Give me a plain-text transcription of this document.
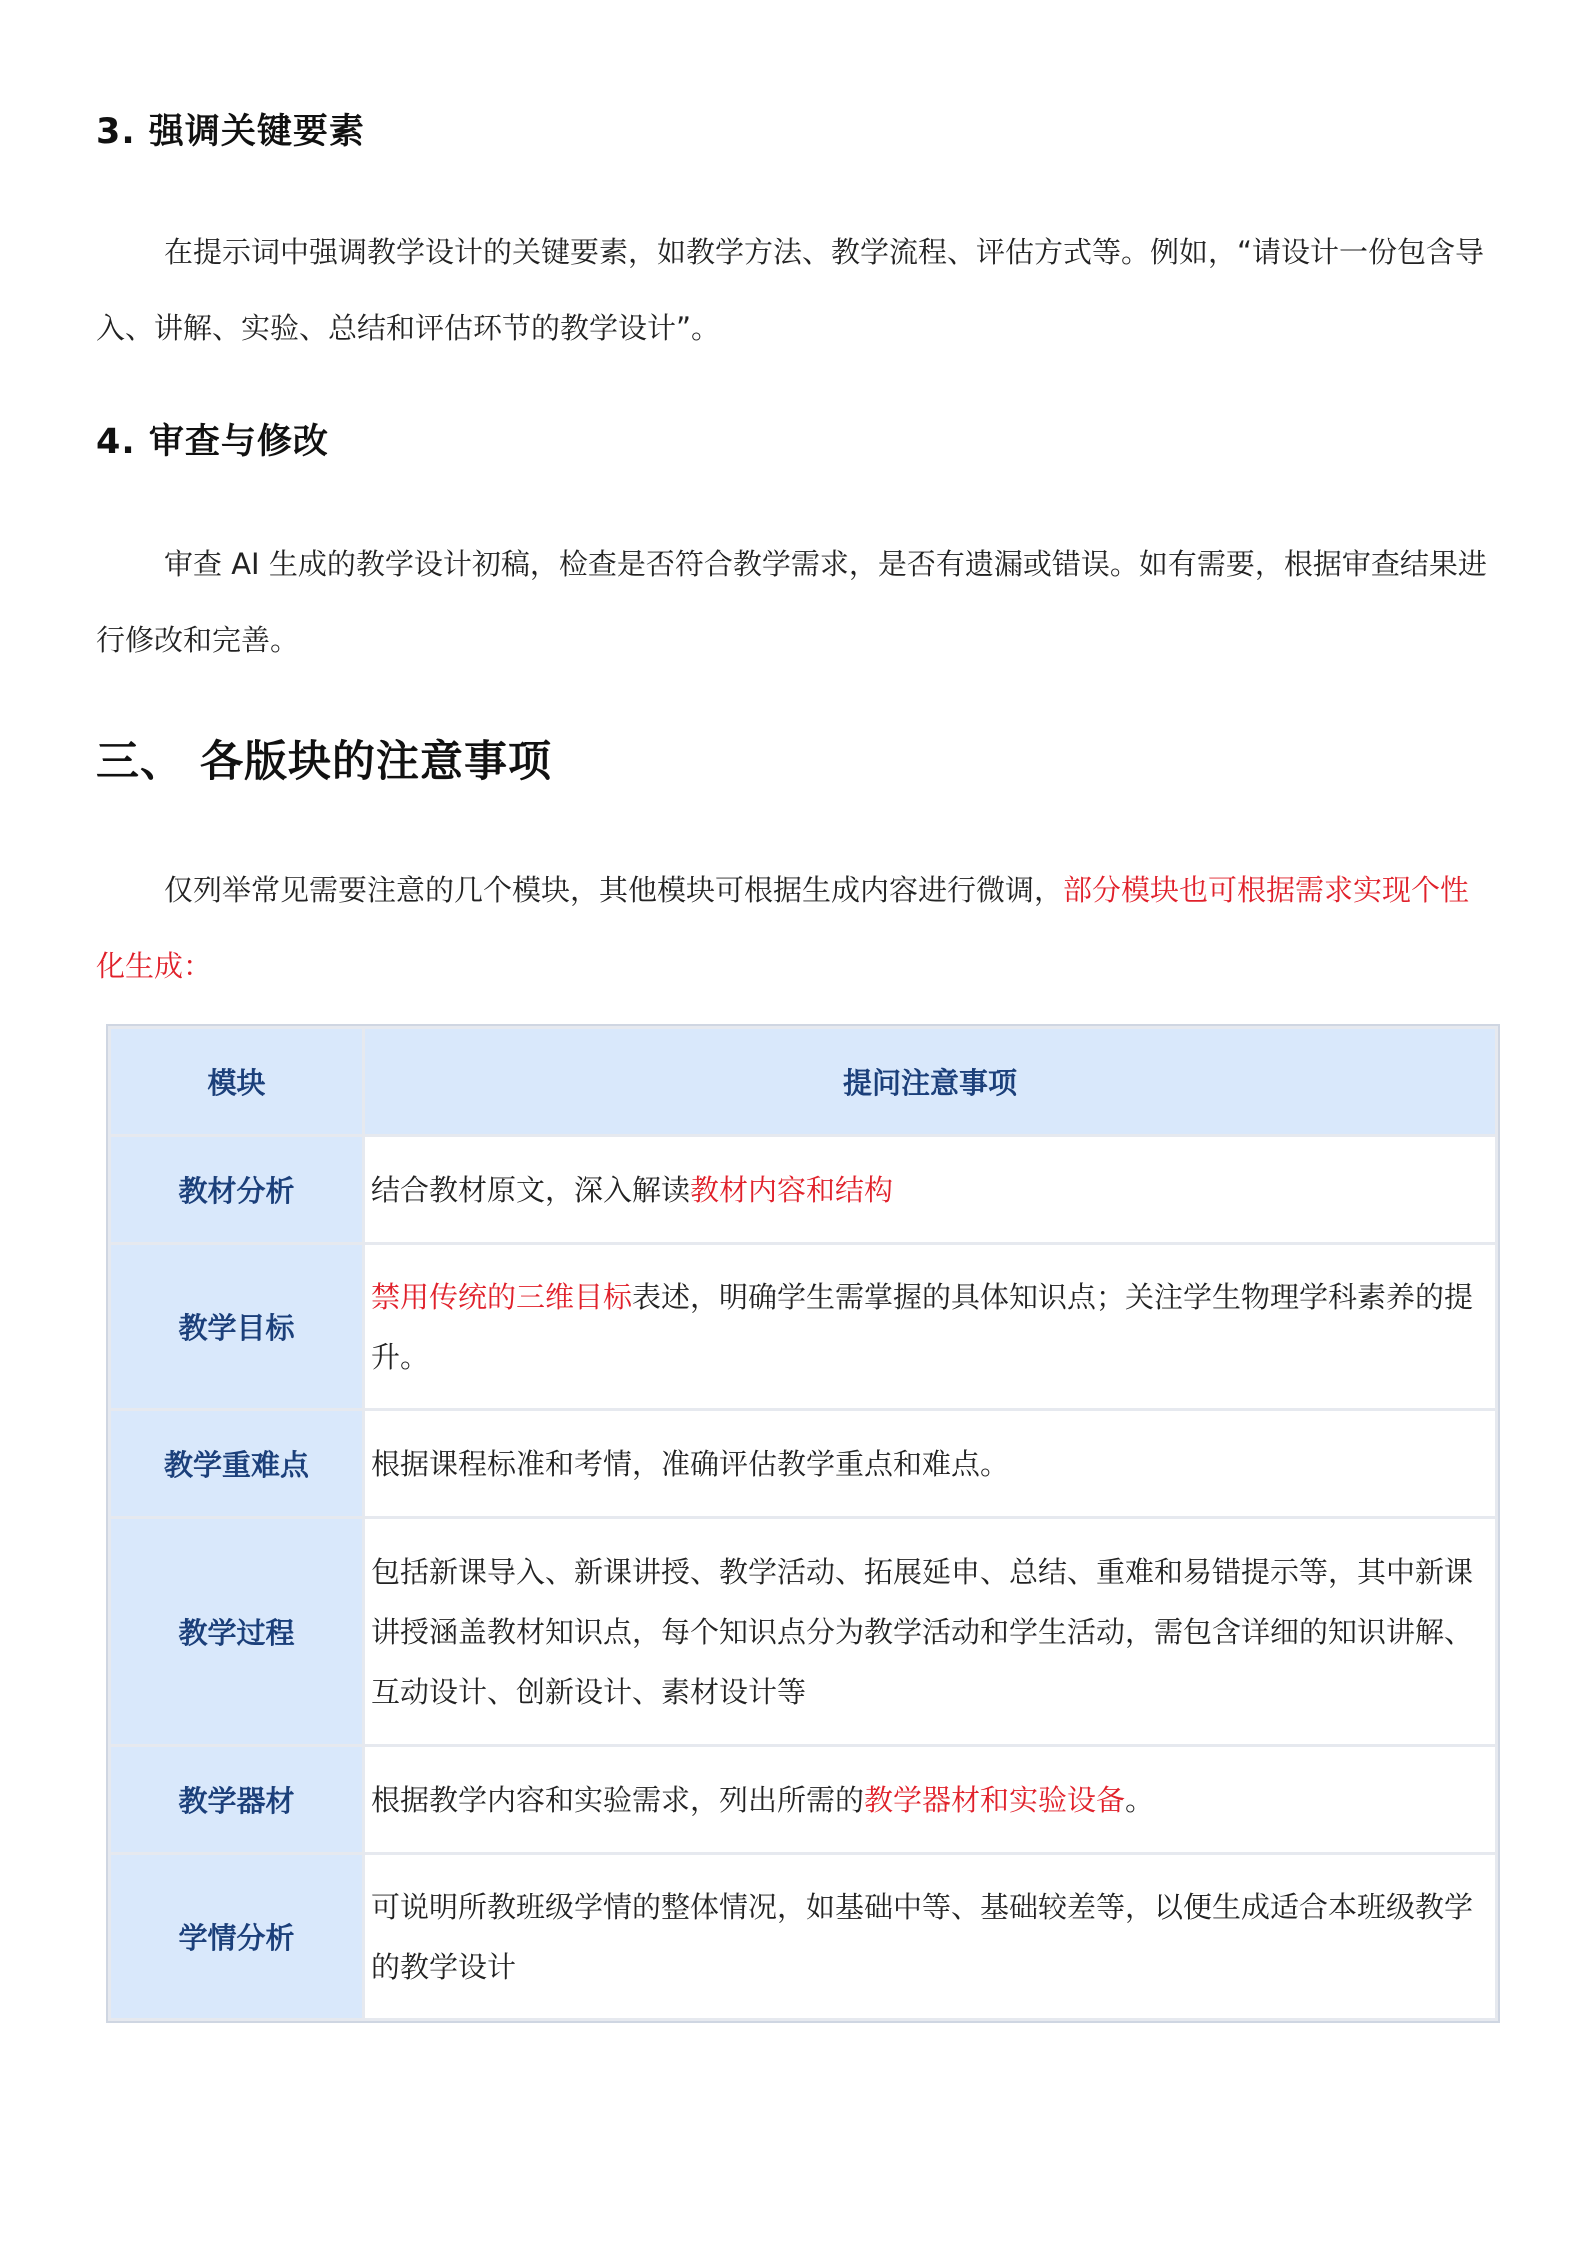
3. 强调关键要素

在提示词中强调教学设计的关键要素，如教学方法、教学流程、评估方式等。例如，“请设计一份包含导入、讲解、实验、总结和评估环节的教学设计”。

4. 审查与修改

审查 AI 生成的教学设计初稿，检查是否符合教学需求，是否有遗漏或错误。如有需要，根据审查结果进行修改和完善。

三、 各版块的注意事项

仅列举常见需要注意的几个模块，其他模块可根据生成内容进行微调，部分模块也可根据需求实现个性化生成：

模块	提问注意事项
教材分析	结合教材原文，深入解读教材内容和结构
教学目标	禁用传统的三维目标表述，明确学生需掌握的具体知识点；关注学生物理学科素养的提升。
教学重难点	根据课程标准和考情，准确评估教学重点和难点。
教学过程	包括新课导入、新课讲授、教学活动、拓展延申、总结、重难和易错提示等，其中新课讲授涵盖教材知识点，每个知识点分为教学活动和学生活动，需包含详细的知识讲解、互动设计、创新设计、素材设计等
教学器材	根据教学内容和实验需求，列出所需的教学器材和实验设备。
学情分析	可说明所教班级学情的整体情况，如基础中等、基础较差等，以便生成适合本班级教学的教学设计
